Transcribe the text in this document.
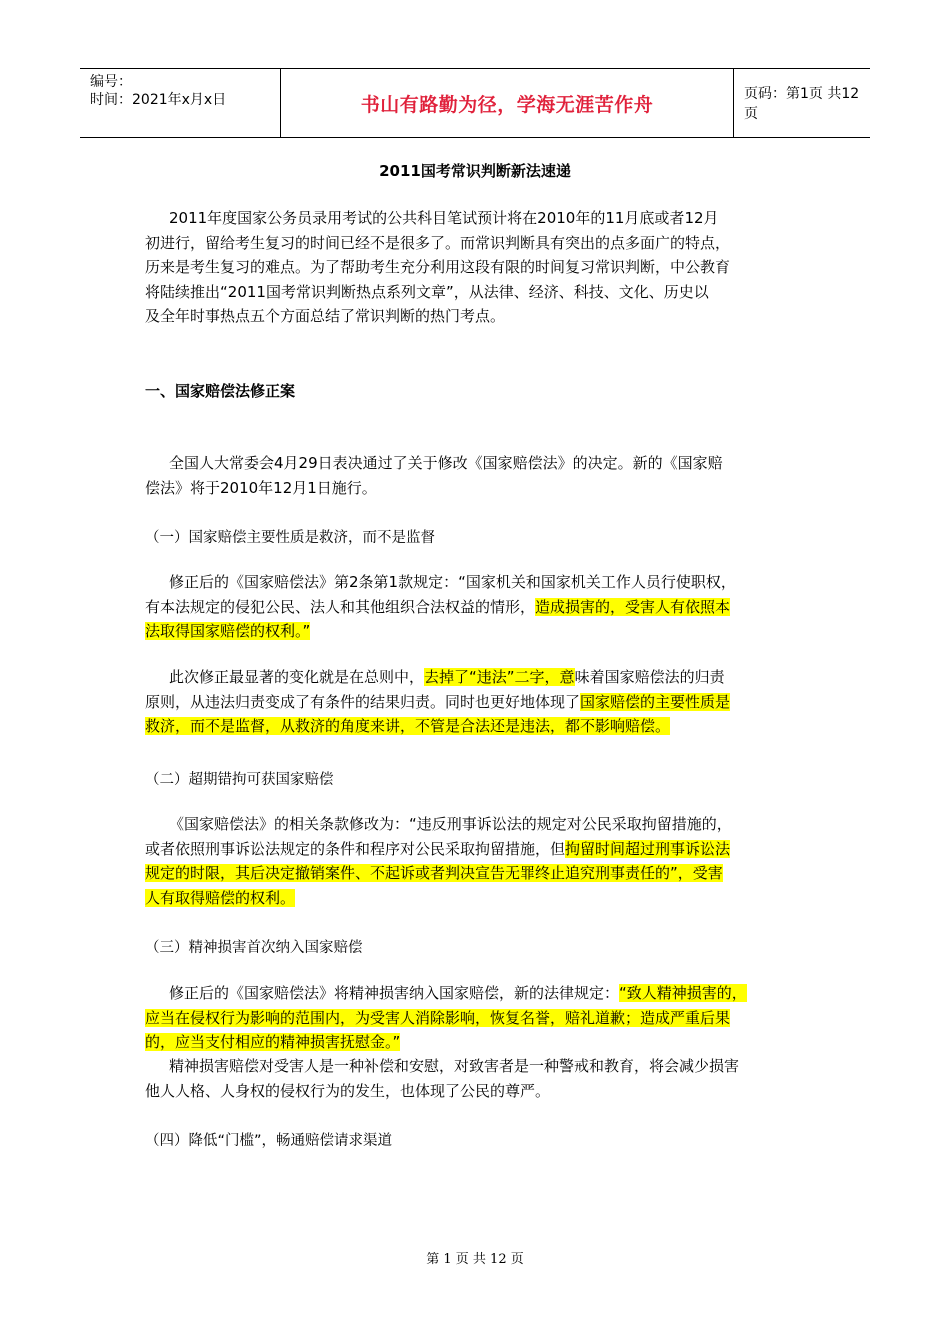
编号：
时间：2021年x月x日	书山有路勤为径，学海无涯苦作舟	页码：第1页 共12页
2011国考常识判断新法速递
2011年度国家公务员录用考试的公共科目笔试预计将在2010年的11月底或者12月
初进行，留给考生复习的时间已经不是很多了。而常识判断具有突出的点多面广的特点，
历来是考生复习的难点。为了帮助考生充分利用这段有限的时间复习常识判断，中公教育
将陆续推出“2011国考常识判断热点系列文章”，从法律、经济、科技、文化、历史以
及全年时事热点五个方面总结了常识判断的热门考点。
一、国家赔偿法修正案
全国人大常委会4月29日表决通过了关于修改《国家赔偿法》的决定。新的《国家赔
偿法》将于2010年12月1日施行。
（一）国家赔偿主要性质是救济，而不是监督
修正后的《国家赔偿法》第2条第1款规定：“国家机关和国家机关工作人员行使职权，
有本法规定的侵犯公民、法人和其他组织合法权益的情形，造成损害的，受害人有依照本
法取得国家赔偿的权利。”
此次修正最显著的变化就是在总则中，去掉了“违法”二字，意味着国家赔偿法的归责
原则，从违法归责变成了有条件的结果归责。同时也更好地体现了国家赔偿的主要性质是
救济，而不是监督，从救济的角度来讲，不管是合法还是违法，都不影响赔偿。
（二）超期错拘可获国家赔偿
《国家赔偿法》的相关条款修改为：“违反刑事诉讼法的规定对公民采取拘留措施的，
或者依照刑事诉讼法规定的条件和程序对公民采取拘留措施，但拘留时间超过刑事诉讼法
规定的时限，其后决定撤销案件、不起诉或者判决宣告无罪终止追究刑事责任的”，受害
人有取得赔偿的权利。
（三）精神损害首次纳入国家赔偿
修正后的《国家赔偿法》将精神损害纳入国家赔偿，新的法律规定：“致人精神损害的，
应当在侵权行为影响的范围内，为受害人消除影响，恢复名誉，赔礼道歉；造成严重后果
的，应当支付相应的精神损害抚慰金。”
精神损害赔偿对受害人是一种补偿和安慰，对致害者是一种警戒和教育，将会减少损害
他人人格、人身权的侵权行为的发生，也体现了公民的尊严。
（四）降低“门槛”，畅通赔偿请求渠道
第 1 页 共 12 页
